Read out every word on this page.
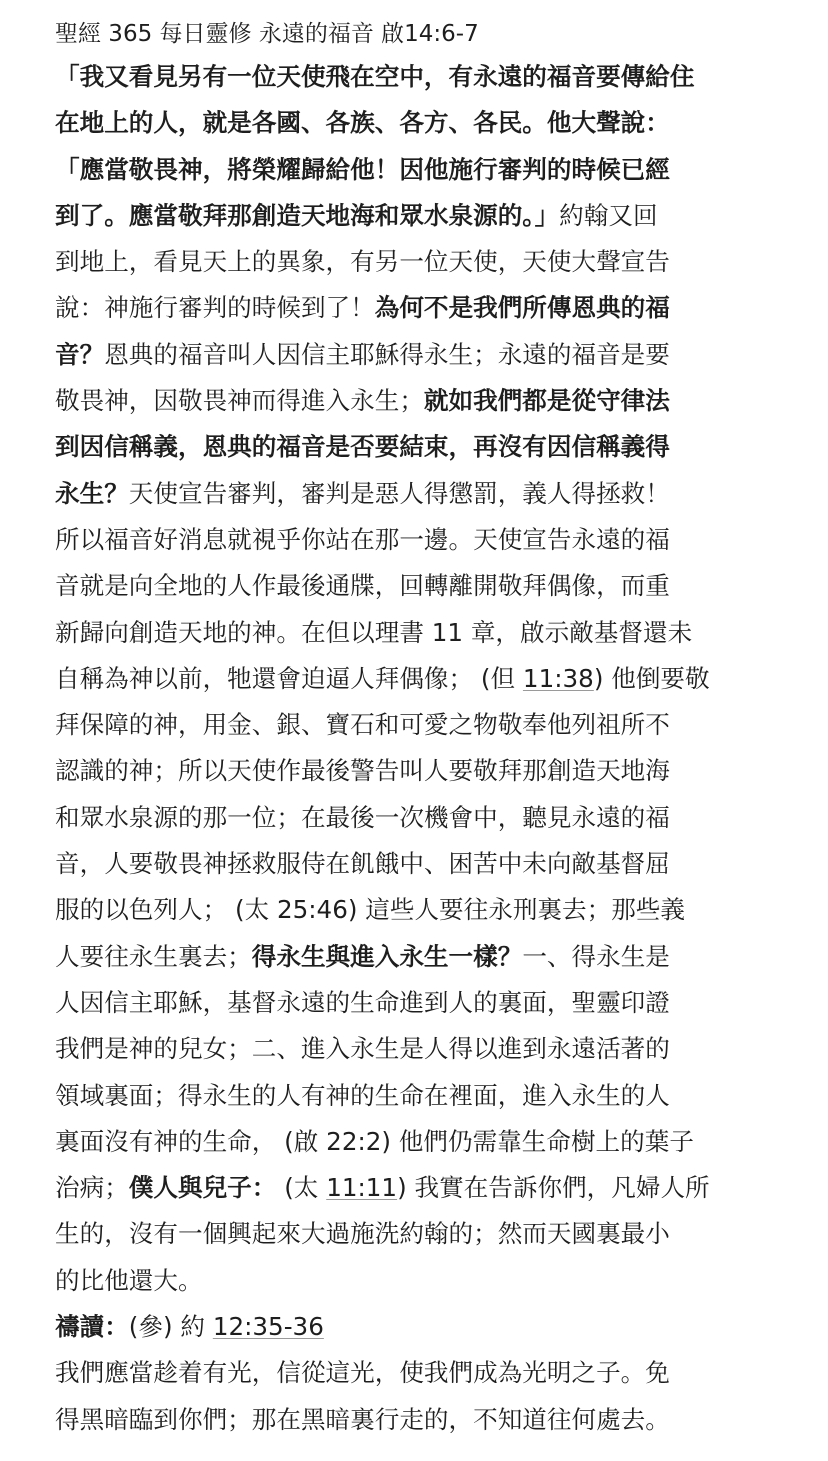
聖經 365 每日靈修 永遠的福音 啟14:6-7
「我又看見另有一位天使飛在空中，有永遠的福音要傳給住
在地上的人，就是各國、各族、各方、各民。他大聲說：
「應當敬畏神，將榮耀歸給他！因他施行審判的時候已經
到了。應當敬拜那創造天地海和眾水泉源的。」約翰又回
到地上，看見天上的異象，有另一位天使，天使大聲宣告
說：神施行審判的時候到了！為何不是我們所傳恩典的福
音？恩典的福音叫人因信主耶穌得永生；永遠的福音是要
敬畏神，因敬畏神而得進入永生；就如我們都是從守律法
到因信稱義，恩典的福音是否要結束，再沒有因信稱義得
永生？天使宣告審判，審判是惡人得懲罰，義人得拯救！
所以福音好消息就視乎你站在那一邊。天使宣告永遠的福
音就是向全地的人作最後通牒，回轉離開敬拜偶像，而重
新歸向創造天地的神。在但以理書 11 章，啟示敵基督還未
自稱為神以前，牠還會迫逼人拜偶像； (但 11:38) 他倒要敬
拜保障的神，用金、銀、寶石和可愛之物敬奉他列祖所不
認識的神；所以天使作最後警告叫人要敬拜那創造天地海
和眾水泉源的那一位；在最後一次機會中，聽見永遠的福
音，人要敬畏神拯救服侍在飢餓中、困苦中未向敵基督屈
服的以色列人； (太 25:46) 這些人要往永刑裏去；那些義
人要往永生裏去；得永生與進入永生一樣？一、得永生是
人因信主耶穌，基督永遠的生命進到人的裏面，聖靈印證
我們是神的兒女；二、進入永生是人得以進到永遠活著的
領域裏面；得永生的人有神的生命在裡面，進入永生的人
裏面沒有神的生命， (啟 22:2) 他們仍需靠生命樹上的葉子
治病；僕人與兒子： (太 11:11) 我實在告訴你們，凡婦人所
生的，沒有一個興起來大過施洗約翰的；然而天國裏最小
的比他還大。
禱讀：(參) 約 12:35-36
我們應當趁着有光，信從這光，使我們成為光明之子。免
得黑暗臨到你們；那在黑暗裏行走的，不知道往何處去。
